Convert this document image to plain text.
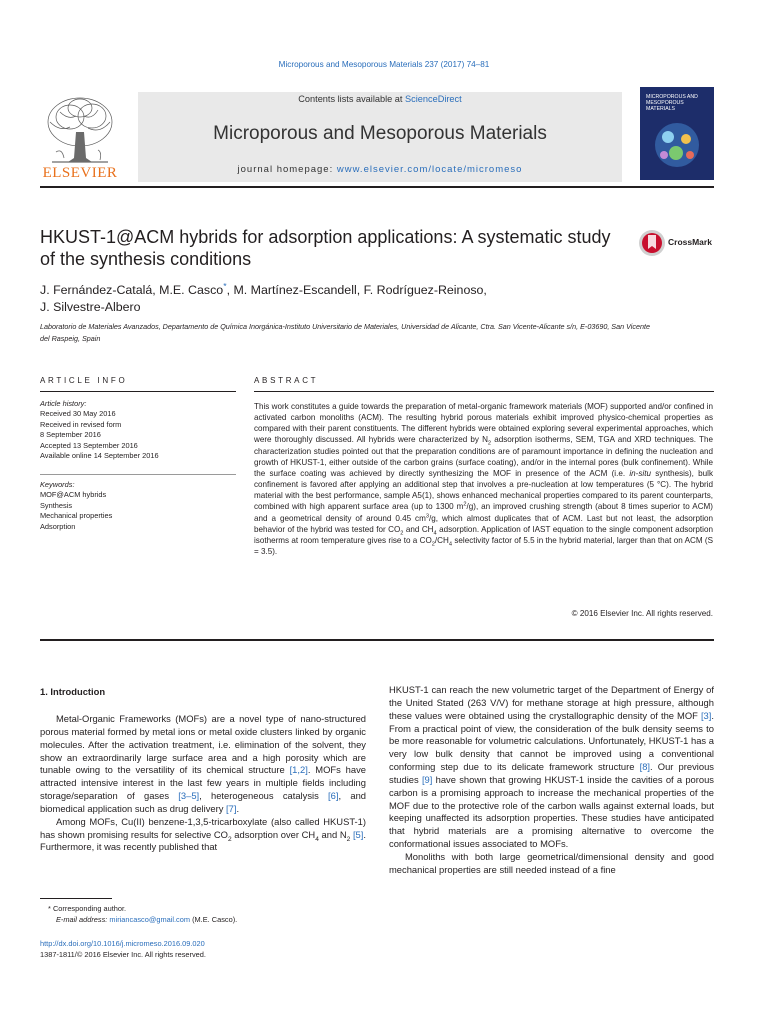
Microporous and Mesoporous Materials 237 (2017) 74–81
ELSEVIER
Contents lists available at ScienceDirect
Microporous and Mesoporous Materials
journal homepage: www.elsevier.com/locate/micromeso
MICROPOROUS AND MESOPOROUS MATERIALS
HKUST-1@ACM hybrids for adsorption applications: A systematic study of the synthesis conditions
CrossMark
J. Fernández-Catalá, M.E. Casco*, M. Martínez-Escandell, F. Rodríguez-Reinoso,
J. Silvestre-Albero
Laboratorio de Materiales Avanzados, Departamento de Química Inorgánica-Instituto Universitario de Materiales, Universidad de Alicante, Ctra. San Vicente-Alicante s/n, E-03690, San Vicente del Raspeig, Spain
ARTICLE INFO	ABSTRACT
Article history:
Received 30 May 2016
Received in revised form
8 September 2016
Accepted 13 September 2016
Available online 14 September 2016
Keywords:
MOF@ACM hybrids
Synthesis
Mechanical properties
Adsorption
This work constitutes a guide towards the preparation of metal-organic framework materials (MOF) supported and/or confined in activated carbon monoliths (ACM). The resulting hybrid porous materials exhibit improved physico-chemical properties as compared with their parent constituents. The different hybrids were obtained exploring several experimental approaches, which were thoroughly discussed. All hybrids were characterized by $N_2$ adsorption isotherms, SEM, TGA and XRD techniques. The characterization studies pointed out that the preparation conditions are of paramount importance in defining the nucleation and growth of HKUST-1, either outside of the carbon grains (surface coating), and/or in the internal pores (bulk confinement). While the surface coating was achieved by directly synthesizing the MOF in presence of the ACM (i.e. in-situ synthesis), bulk confinement is favored after applying an additional step that involves a pre-nucleation at low temperatures (5 °C). The hybrid material with the best performance, sample A5(1), shows enhanced mechanical properties compared to its parent counterparts, combined with high apparent surface area (up to 1300 $m^2/g$), an improved crushing strength (about 8 times superior to ACM) and a geometrical density of around 0.45 $cm^3/g$, which almost duplicates that of ACM. Last but not least, the adsorption behavior of the hybrid was tested for $CO_2$ and $CH_4$ adsorption. Application of IAST equation to the single component adsorption isotherms at room temperature gives rise to a $CO_2/CH_4$ selectivity factor of 5.5 in the hybrid material, larger than that on ACM (S = 3.5).
© 2016 Elsevier Inc. All rights reserved.
1. Introduction

Metal-Organic Frameworks (MOFs) are a novel type of nano-structured porous material formed by metal ions or metal oxide clusters linked by organic molecules. After the activation treatment, i.e. elimination of the solvent, they show an extraordinarily large surface area and a high porosity which are tunable owing to the versatility of its chemical structure [1,2]. MOFs have attracted intensive interest in the last few years in multiple fields including storage/separation of gases [3–5], heterogeneous catalysis [6], and biomedical application such as drug delivery [7].

Among MOFs, Cu(II) benzene-1,3,5-tricarboxylate (also called HKUST-1) has shown promising results for selective $CO_2$ adsorption over $CH_4$ and $N_2$ [5]. Furthermore, it was recently published that

HKUST-1 can reach the new volumetric target of the Department of Energy of the United Stated (263 V/V) for methane storage at high pressure, although these values were obtained using the crystallographic density of the MOF [3]. From a practical point of view, the consideration of the bulk density seems to be more reasonable for volumetric calculations. Unfortunately, HKUST-1 has a very low bulk density that cannot be improved using a conventional conforming step due to its delicate framework structure [8]. Our previous studies [9] have shown that growing HKUST-1 inside the cavities of a porous carbon is a promising approach to increase the mechanical properties of the MOF due to the protective role of the carbon walls against external loads, but keeping unaffected its adsorption properties. These studies have anticipated that hybrid materials are a promising alternative to overcome the conformational issues associated to MOFs.

Monoliths with both large geometrical/dimensional density and good mechanical properties are still needed instead of a fine

* Corresponding author.
E-mail address: miriancasco@gmail.com (M.E. Casco).
http://dx.doi.org/10.1016/j.micromeso.2016.09.020
1387-1811/© 2016 Elsevier Inc. All rights reserved.
